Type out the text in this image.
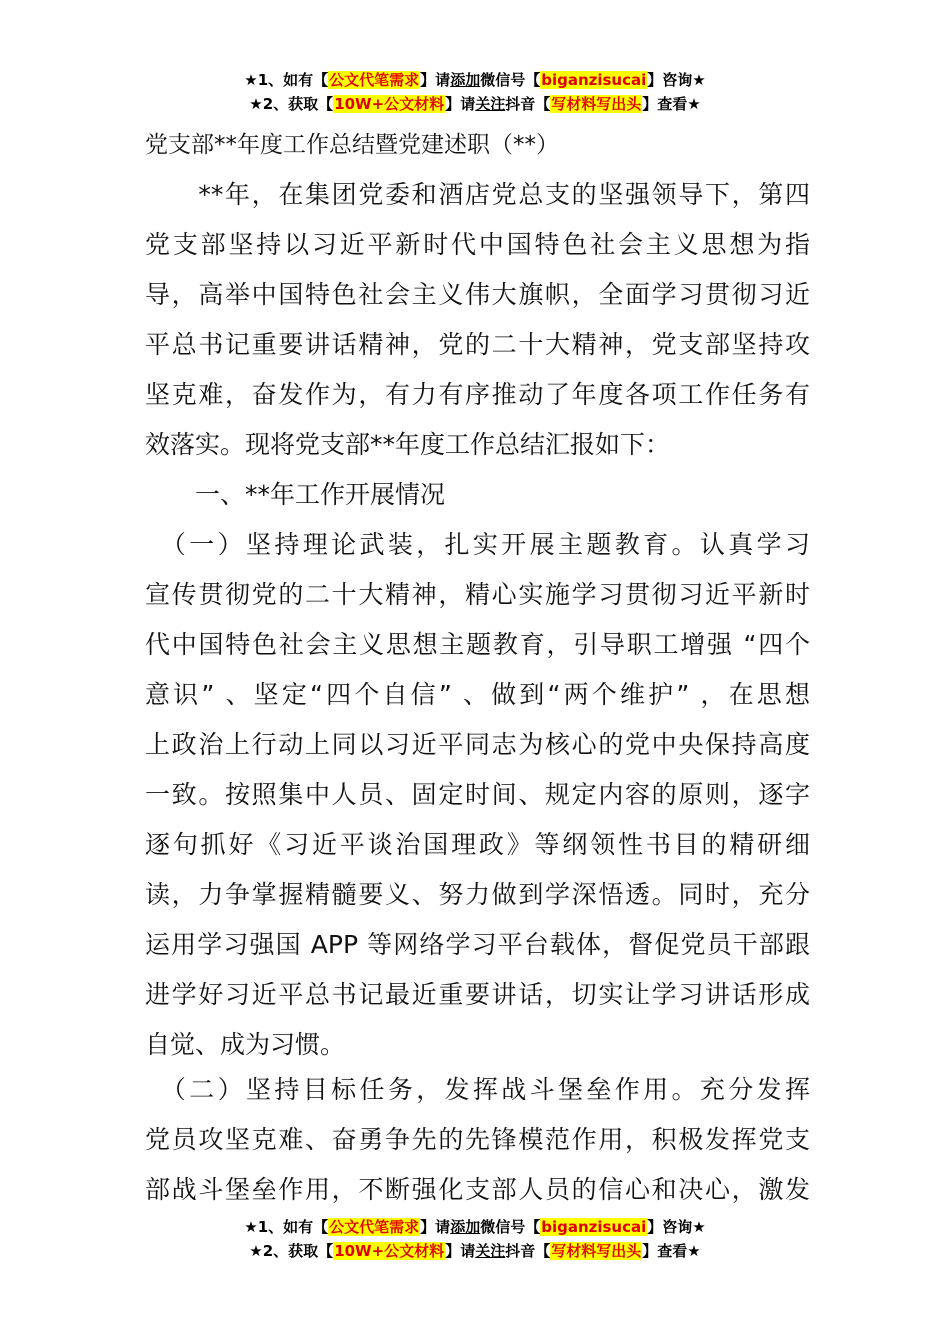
★1、如有【公文代笔需求】请添加微信号【biganzisucai】咨询★
★2、获取【10W+公文材料】请关注抖音【写材料写出头】查看★
党支部**年度工作总结暨党建述职（**）
　　**年，在集团党委和酒店党总支的坚强领导下，第四
党支部坚持以习近平新时代中国特色社会主义思想为指
导，高举中国特色社会主义伟大旗帜，全面学习贯彻习近
平总书记重要讲话精神，党的二十大精神，党支部坚持攻
坚克难，奋发作为，有力有序推动了年度各项工作任务有
效落实。现将党支部**年度工作总结汇报如下：
一、**年工作开展情况
　（一）坚持理论武装，扎实开展主题教育。认真学习
宣传贯彻党的二十大精神，精心实施学习贯彻习近平新时
代中国特色社会主义思想主题教育，引导职工增强 “四个
意识” 、坚定“四个自信” 、做到“两个维护” ，在思想
上政治上行动上同以习近平同志为核心的党中央保持高度
一致。按照集中人员、固定时间、规定内容的原则，逐字
逐句抓好《习近平谈治国理政》等纲领性书目的精研细
读，力争掌握精髓要义、努力做到学深悟透。同时，充分
运用学习强国 APP 等网络学习平台载体，督促党员干部跟
进学好习近平总书记最近重要讲话，切实让学习讲话形成
自觉、成为习惯。
　（二）坚持目标任务，发挥战斗堡垒作用。充分发挥
党员攻坚克难、奋勇争先的先锋模范作用，积极发挥党支
部战斗堡垒作用，不断强化支部人员的信心和决心，激发
★1、如有【公文代笔需求】请添加微信号【biganzisucai】咨询★
★2、获取【10W+公文材料】请关注抖音【写材料写出头】查看★
